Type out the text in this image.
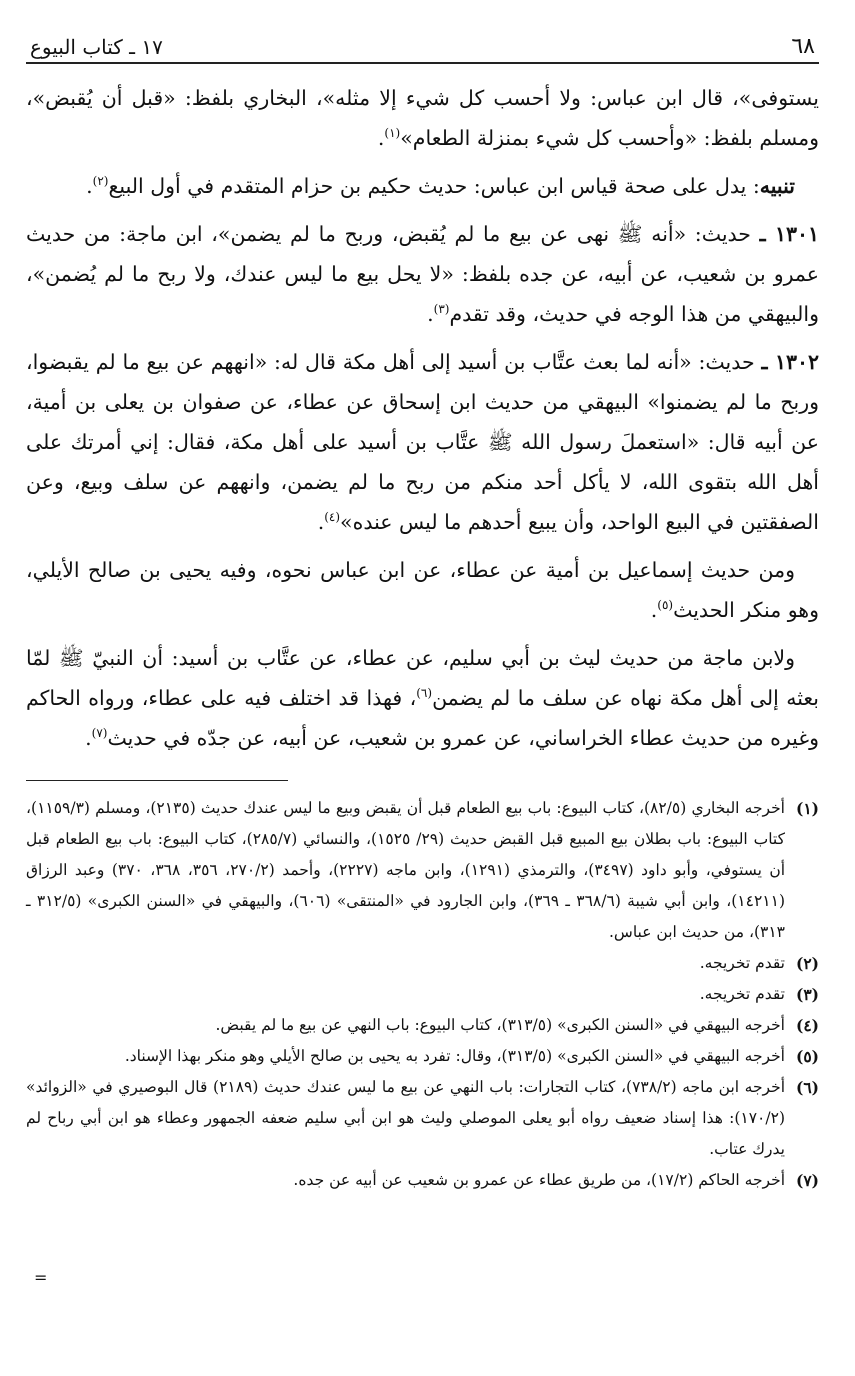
٦٨
١٧ ـ كتاب البيوع

يستوفى»، قال ابن عباس: ولا أحسب كل شيء إلا مثله»، البخاري بلفظ: «قبل أن يُقبض»، ومسلم بلفظ: «وأحسب كل شيء بمنزلة الطعام»$^{(١)}$.

تنبيه: يدل على صحة قياس ابن عباس: حديث حكيم بن حزام المتقدم في أول البيع$^{(٢)}$.

١٣٠١ ـ حديث: «أنه ﷺ نهى عن بيع ما لم يُقبض، وربح ما لم يضمن»، ابن ماجة: من حديث عمرو بن شعيب، عن أبيه، عن جده بلفظ: «لا يحل بيع ما ليس عندك، ولا ربح ما لم يُضمن»، والبيهقي من هذا الوجه في حديث، وقد تقدم$^{(٣)}$.

١٣٠٢ ـ حديث: «أنه لما بعث عتَّاب بن أسيد إلى أهل مكة قال له: «انههم عن بيع ما لم يقبضوا، وربح ما لم يضمنوا» البيهقي من حديث ابن إسحاق عن عطاء، عن صفوان بن يعلى بن أمية، عن أبيه قال: «استعملَ رسول الله ﷺ عتَّاب بن أسيد على أهل مكة، فقال: إني أمرتك على أهل الله بتقوى الله، لا يأكل أحد منكم من ربح ما لم يضمن، وانههم عن سلف وبيع، وعن الصفقتين في البيع الواحد، وأن يبيع أحدهم ما ليس عنده»$^{(٤)}$.

ومن حديث إسماعيل بن أمية عن عطاء، عن ابن عباس نحوه، وفيه يحيى بن صالح الأيلي، وهو منكر الحديث$^{(٥)}$.

ولابن ماجة من حديث ليث بن أبي سليم، عن عطاء، عن عتَّاب بن أسيد: أن النبيّ ﷺ لمّا بعثه إلى أهل مكة نهاه عن سلف ما لم يضمن$^{(٦)}$، فهذا قد اختلف فيه على عطاء، ورواه الحاكم وغيره من حديث عطاء الخراساني، عن عمرو بن شعيب، عن أبيه، عن جدّه في حديث$^{(٧)}$.

(١)
أخرجه البخاري (٨٢/٥)، كتاب البيوع: باب بيع الطعام قبل أن يقبض وبيع ما ليس عندك حديث (٢١٣٥)، ومسلم (١١٥٩/٣)، كتاب البيوع: باب بطلان بيع المبيع قبل القبض حديث (٢٩/ ١٥٢٥)، والنسائي (٢٨٥/٧)، كتاب البيوع: باب بيع الطعام قبل أن يستوفي، وأبو داود (٣٤٩٧)، والترمذي (١٢٩١)، وابن ماجه (٢٢٢٧)، وأحمد (٢٧٠/٢، ٣٥٦، ٣٦٨، ٣٧٠) وعبد الرزاق (١٤٢١١)، وابن أبي شيبة (٣٦٨/٦ ـ ٣٦٩)، وابن الجارود في «المنتقى» (٦٠٦)، والبيهقي في «السنن الكبرى» (٣١٢/٥ ـ ٣١٣)، من حديث ابن عباس.
(٢)
تقدم تخريجه.
(٣)
تقدم تخريجه.
(٤)
أخرجه البيهقي في «السنن الكبرى» (٣١٣/٥)، كتاب البيوع: باب النهي عن بيع ما لم يقبض.
(٥)
أخرجه البيهقي في «السنن الكبرى» (٣١٣/٥)، وقال: تفرد به يحيى بن صالح الأيلي وهو منكر بهذا الإسناد.
(٦)
أخرجه ابن ماجه (٧٣٨/٢)، كتاب التجارات: باب النهي عن بيع ما ليس عندك حديث (٢١٨٩) قال البوصيري في «الزوائد» (١٧٠/٢): هذا إسناد ضعيف رواه أبو يعلى الموصلي وليث هو ابن أبي سليم ضعفه الجمهور وعطاء هو ابن أبي رباح لم يدرك عتاب.
(٧)
أخرجه الحاكم (١٧/٢)، من طريق عطاء عن عمرو بن شعيب عن أبيه عن جده.
=
